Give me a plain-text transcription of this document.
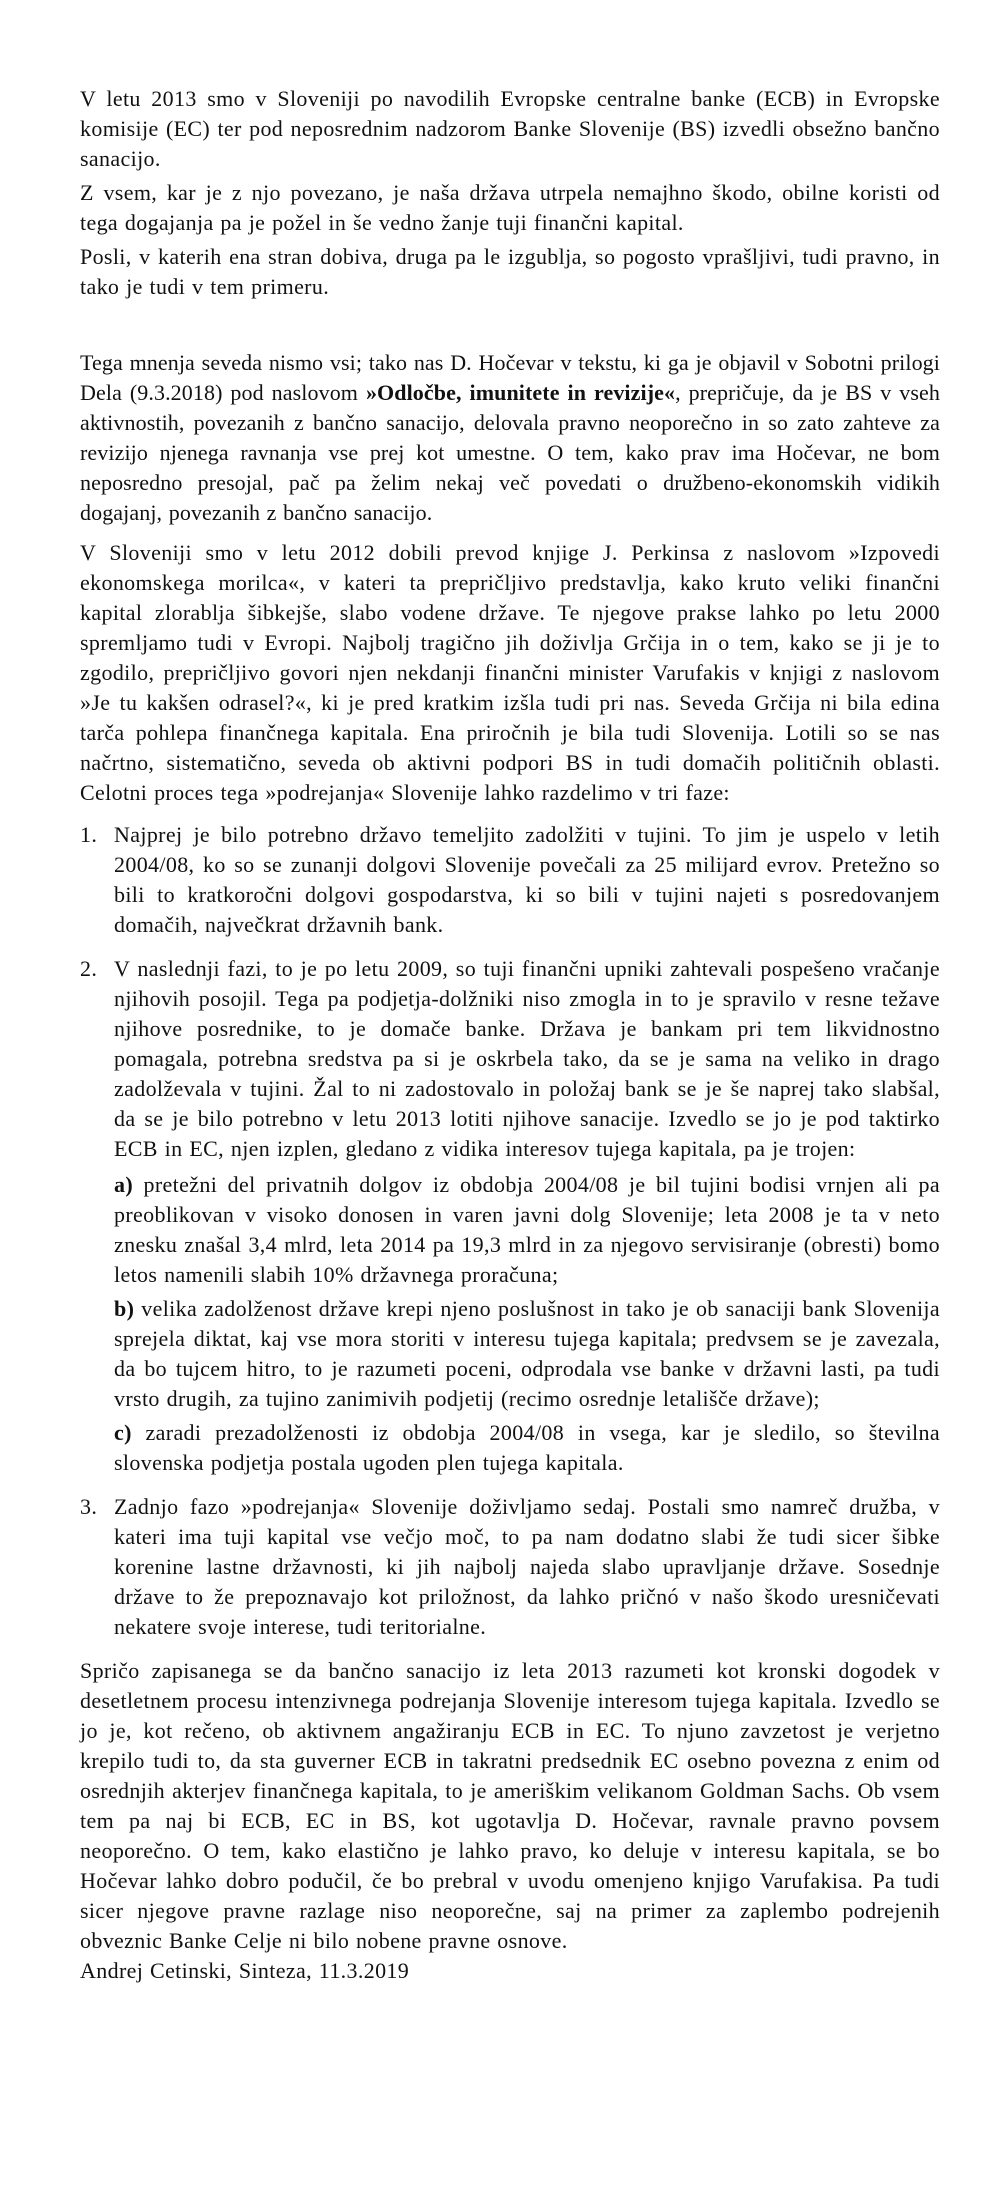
V letu 2013 smo v Sloveniji po navodilih Evropske centralne banke (ECB) in Evropske komisije (EC) ter pod neposrednim nadzorom Banke Slovenije (BS) izvedli obsežno bančno sanacijo.

Z vsem, kar je z njo povezano, je naša država utrpela nemajhno škodo, obilne koristi od tega dogajanja pa je požel in še vedno žanje tuji finančni kapital.

Posli, v katerih ena stran dobiva, druga pa le izgublja, so pogosto vprašljivi, tudi pravno, in tako je tudi v tem primeru.

Tega mnenja seveda nismo vsi; tako nas D. Hočevar v tekstu, ki ga je objavil v Sobotni prilogi Dela (9.3.2018) pod naslovom »Odločbe, imunitete in revizije«, prepričuje, da je BS v vseh aktivnostih, povezanih z bančno sanacijo, delovala pravno neoporečno in so zato zahteve za revizijo njenega ravnanja vse prej kot umestne. O tem, kako prav ima Hočevar, ne bom neposredno presojal, pač pa želim nekaj več povedati o družbeno-ekonomskih vidikih dogajanj, povezanih z bančno sanacijo.

V Sloveniji smo v letu 2012 dobili prevod knjige J. Perkinsa z naslovom »Izpovedi ekonomskega morilca«, v kateri ta prepričljivo predstavlja, kako kruto veliki finančni kapital zlorablja šibkejše, slabo vodene države. Te njegove prakse lahko po letu 2000 spremljamo tudi v Evropi. Najbolj tragično jih doživlja Grčija in o tem, kako se ji je to zgodilo, prepričljivo govori njen nekdanji finančni minister Varufakis v knjigi z naslovom »Je tu kakšen odrasel?«, ki je pred kratkim izšla tudi pri nas. Seveda Grčija ni bila edina tarča pohlepa finančnega kapitala. Ena priročnih je bila tudi Slovenija. Lotili so se nas načrtno, sistematično, seveda ob aktivni podpori BS in tudi domačih političnih oblasti. Celotni proces tega »podrejanja« Slovenije lahko razdelimo v tri faze:

1. Najprej je bilo potrebno državo temeljito zadolžiti v tujini. To jim je uspelo v letih 2004/08, ko so se zunanji dolgovi Slovenije povečali za 25 milijard evrov. Pretežno so bili to kratkoročni dolgovi gospodarstva, ki so bili v tujini najeti s posredovanjem domačih, največkrat državnih bank.

2. V naslednji fazi, to je po letu 2009, so tuji finančni upniki zahtevali pospešeno vračanje njihovih posojil. Tega pa podjetja-dolžniki niso zmogla in to je spravilo v resne težave njihove posrednike, to je domače banke. Država je bankam pri tem likvidnostno pomagala, potrebna sredstva pa si je oskrbela tako, da se je sama na veliko in drago zadolževala v tujini. Žal to ni zadostovalo in položaj bank se je še naprej tako slabšal, da se je bilo potrebno v letu 2013 lotiti njihove sanacije. Izvedlo se jo je pod taktirko ECB in EC, njen izplen, gledano z vidika interesov tujega kapitala, pa je trojen:

a) pretežni del privatnih dolgov iz obdobja 2004/08 je bil tujini bodisi vrnjen ali pa preoblikovan v visoko donosen in varen javni dolg Slovenije; leta 2008 je ta v neto znesku znašal 3,4 mlrd, leta 2014 pa 19,3 mlrd in za njegovo servisiranje (obresti) bomo letos namenili slabih 10% državnega proračuna;

b) velika zadolženost države krepi njeno poslušnost in tako je ob sanaciji bank Slovenija sprejela diktat, kaj vse mora storiti v interesu tujega kapitala; predvsem se je zavezala, da bo tujcem hitro, to je razumeti poceni, odprodala vse banke v državni lasti, pa tudi vrsto drugih, za tujino zanimivih podjetij (recimo osrednje letališče države);

c) zaradi prezadolženosti iz obdobja 2004/08 in vsega, kar je sledilo, so številna slovenska podjetja postala ugoden plen tujega kapitala.

3. Zadnjo fazo »podrejanja« Slovenije doživljamo sedaj. Postali smo namreč družba, v kateri ima tuji kapital vse večjo moč, to pa nam dodatno slabi že tudi sicer šibke korenine lastne državnosti, ki jih najbolj najeda slabo upravljanje države. Sosednje države to že prepoznavajo kot priložnost, da lahko pričnó v našo škodo uresničevati nekatere svoje interese, tudi teritorialne.

Spričo zapisanega se da bančno sanacijo iz leta 2013 razumeti kot kronski dogodek v desetletnem procesu intenzivnega podrejanja Slovenije interesom tujega kapitala. Izvedlo se jo je, kot rečeno, ob aktivnem angažiranju ECB in EC. To njuno zavzetost je verjetno krepilo tudi to, da sta guverner ECB in takratni predsednik EC osebno povezna z enim od osrednjih akterjev finančnega kapitala, to je ameriškim velikanom Goldman Sachs. Ob vsem tem pa naj bi ECB, EC in BS, kot ugotavlja D. Hočevar, ravnale pravno povsem neoporečno. O tem, kako elastično je lahko pravo, ko deluje v interesu kapitala, se bo Hočevar lahko dobro podučil, če bo prebral v uvodu omenjeno knjigo Varufakisa. Pa tudi sicer njegove pravne razlage niso neoporečne, saj na primer za zaplembo podrejenih obveznic Banke Celje ni bilo nobene pravne osnove.

Andrej Cetinski, Sinteza, 11.3.2019
